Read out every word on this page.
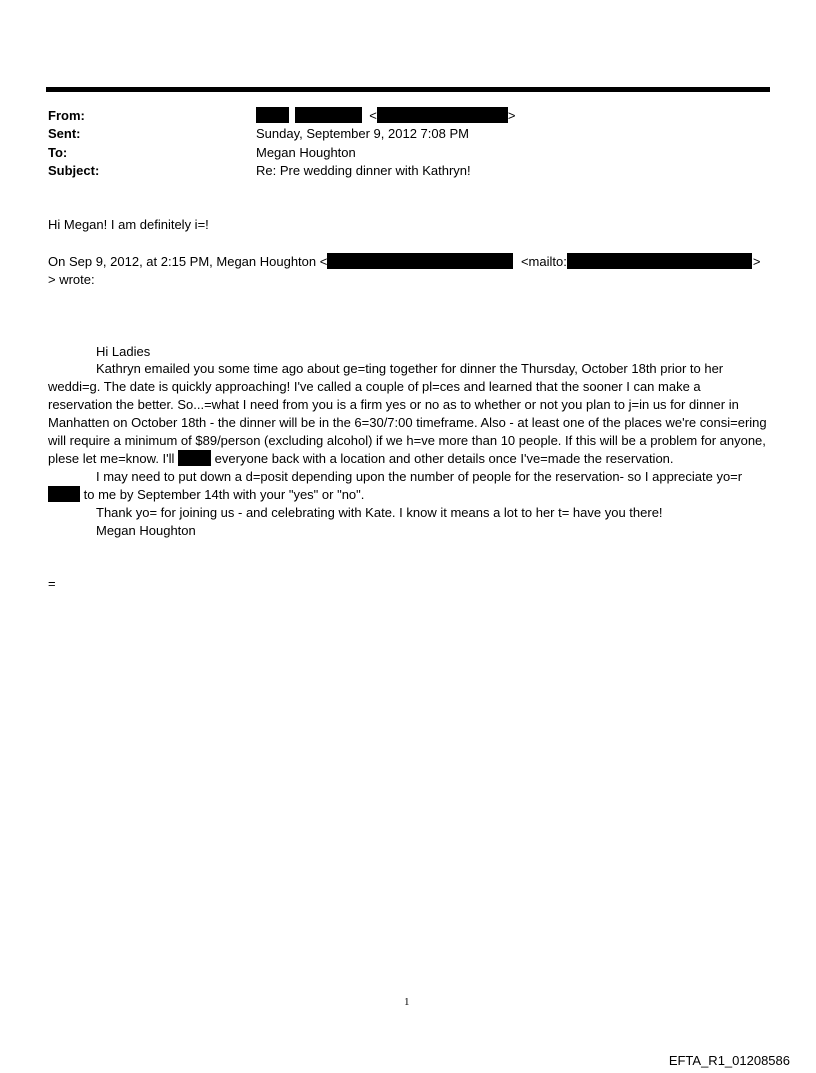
From:	<	>
Sent:	Sunday, September 9, 2012 7:08 PM
To:	Megan Houghton
Subject:	Re: Pre wedding dinner with Kathryn!
Hi Megan! I am definitely i=!
On Sep 9, 2012, at 2:15 PM, Megan Houghton <	<mailto:	>
> wrote:
Hi Ladies
Kathryn emailed you some time ago about ge=ting together for dinner the Thursday, October 18th prior to her weddi=g. The date is quickly approaching! I've called a couple of pl=ces and learned that the sooner I can make a reservation the better. So...=what I need from you is a firm yes or no as to whether or not you plan to j=in us for dinner in Manhatten on October 18th - the dinner will be in the 6=30/7:00 timeframe. Also - at least one of the places we're consi=ering will require a minimum of $89/person (excluding alcohol) if we h=ve more than 10 people. If this will be a problem for anyone, plese let me=know. I'll	everyone back with a location and other details once I've=made the reservation.
I may need to put down a d=posit depending upon the number of people for the reservation- so I appreciate yo=r  to me by September 14th with your "yes" or "no".
Thank yo= for joining us - and celebrating with Kate. I know it means a lot to her t= have you there!
Megan Houghton
=
1
EFTA_R1_01208586
